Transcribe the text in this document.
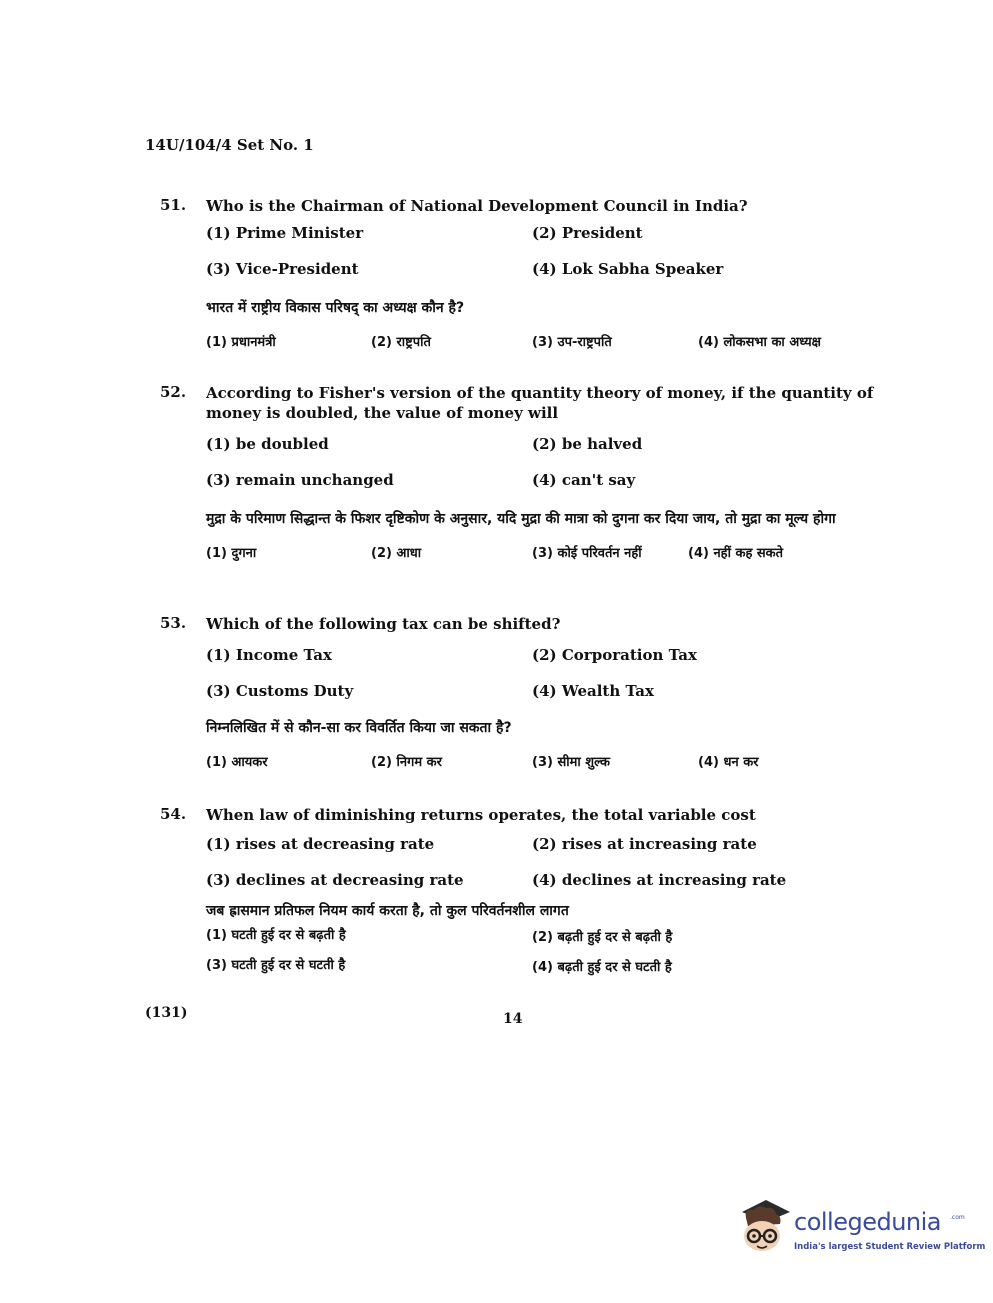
14U/104/4 Set No. 1
51.	Who is the Chairman of National Development Council in India?
(1) Prime Minister	(2) President
(3) Vice-President	(4) Lok Sabha Speaker
भारत में राष्ट्रीय विकास परिषद् का अध्यक्ष कौन है?
(1) प्रधानमंत्री	(2) राष्ट्रपति	(3) उप-राष्ट्रपति	(4) लोकसभा का अध्यक्ष
52.	According to Fisher's version of the quantity theory of money, if the quantity of money is doubled, the value of money will
(1) be doubled	(2) be halved
(3) remain unchanged	(4) can't say
मुद्रा के परिमाण सिद्धान्त के फिशर दृष्टिकोण के अनुसार, यदि मुद्रा की मात्रा को दुगना कर दिया जाय, तो मुद्रा का मूल्य होगा
(1) दुगना	(2) आधा	(3) कोई परिवर्तन नहीं	(4) नहीं कह सकते
53.	Which of the following tax can be shifted?
(1) Income Tax	(2) Corporation Tax
(3) Customs Duty	(4) Wealth Tax
निम्नलिखित में से कौन-सा कर विवर्तित किया जा सकता है?
(1) आयकर	(2) निगम कर	(3) सीमा शुल्क	(4) धन कर
54.	When law of diminishing returns operates, the total variable cost
(1) rises at decreasing rate	(2) rises at increasing rate
(3) declines at decreasing rate	(4) declines at increasing rate
जब ह्रासमान प्रतिफल नियम कार्य करता है, तो कुल परिवर्तनशील लागत
(1) घटती हुई दर से बढ़ती है	(2) बढ़ती हुई दर से बढ़ती है
(3) घटती हुई दर से घटती है	(4) बढ़ती हुई दर से घटती है
(131)	14
collegedunia .com
India's largest Student Review Platform
